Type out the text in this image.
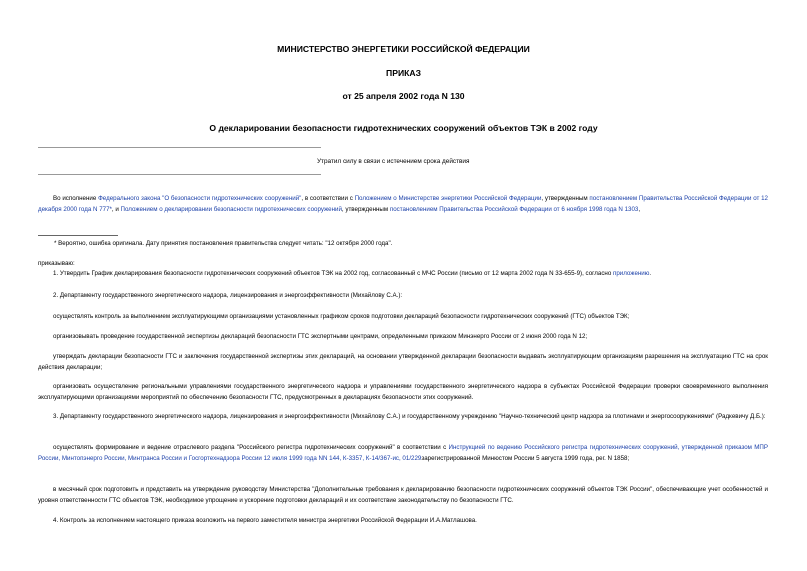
МИНИСТЕРСТВО ЭНЕРГЕТИКИ РОССИЙСКОЙ ФЕДЕРАЦИИ
ПРИКАЗ
от 25 апреля 2002 года N 130
О декларировании безопасности гидротехнических сооружений объектов ТЭК в 2002 году
Утратил силу в связи с истечением срока действия
Во исполнение Федерального закона "О безопасности гидротехнических сооружений", в соответствии с Положением о Министерстве энергетики Российской Федерации, утвержденным постановлением Правительства Российской Федерации от 12 декабря 2000 года N 777*, и Положением о декларировании безопасности гидротехнических сооружений, утвержденным постановлением Правительства Российской Федерации от 6 ноября 1998 года N 1303,
* Вероятно, ошибка оригинала. Дату принятия постановления правительства следует читать: "12 октября 2000 года".
приказываю:
1. Утвердить График декларирования безопасности гидротехнических сооружений объектов ТЭК на 2002 год, согласованный с МЧС России (письмо от 12 марта 2002 года N 33-655-9), согласно приложению.
2. Департаменту государственного энергетического надзора, лицензирования и энергоэффективности (Михайлову С.А.):
осуществлять контроль за выполнением эксплуатирующими организациями установленных графиком сроков подготовки деклараций безопасности гидротехнических сооружений (ГТС) объектов ТЭК;
организовывать проведение государственной экспертизы деклараций безопасности ГТС экспертными центрами, определенными приказом Минэнерго России от 2 июня 2000 года N 12;
утверждать декларации безопасности ГТС и заключения государственной экспертизы этих деклараций, на основании утвержденной декларации безопасности выдавать эксплуатирующим организациям разрешения на эксплуатацию ГТС на срок действия декларации;
организовать осуществление региональными управлениями государственного энергетического надзора и управлениями государственного энергетического надзора в субъектах Российской Федерации проверки своевременного выполнения эксплуатирующими организациями мероприятий по обеспечению безопасности ГТС, предусмотренных в декларациях безопасности этих сооружений.
3. Департаменту государственного энергетического надзора, лицензирования и энергоэффективности (Михайлову С.А.) и государственному учреждению "Научно-технический центр надзора за плотинами и энергосооружениями" (Радкевичу Д.Б.):
осуществлять формирование и ведение отраслевого раздела "Российского регистра гидротехнических сооружений" в соответствии с Инструкцией по ведению Российского регистра гидротехнических сооружений, утвержденной приказом МПР России, Минтопэнерго России, Минтранса России и Госгортехнадзора России 12 июля 1999 года NN 144, К-3357, К-14/367-ис, 01/229зарегистрированной Минюстом России 5 августа 1999 года, рег. N 1858;
в месячный срок подготовить и представить на утверждение руководству Министерства "Дополнительные требования к декларированию безопасности гидротехнических сооружений объектов ТЭК России", обеспечивающие учет особенностей и уровня ответственности ГТС объектов ТЭК, необходимое упрощение и ускорение подготовки деклараций и их соответствие законодательству по безопасности ГТС.
4. Контроль за исполнением настоящего приказа возложить на первого заместителя министра энергетики Российской Федерации И.А.Матлашова.
